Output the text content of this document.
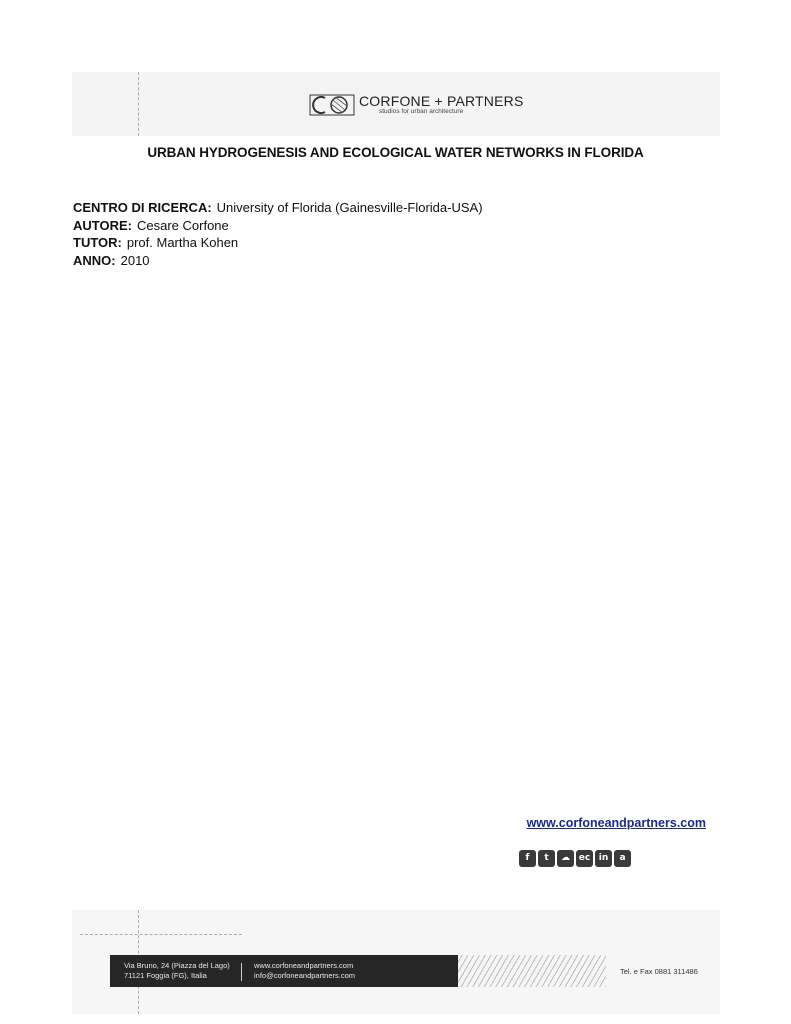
CORFONE + PARTNERS
studios for urban architecture
URBAN HYDROGENESIS AND ECOLOGICAL WATER NETWORKS IN FLORIDA
CENTRO DI RICERCA: University of Florida (Gainesville-Florida-USA)
AUTORE: Cesare Corfone
TUTOR: prof. Martha Kohen
ANNO: 2010
www.corfoneandpartners.com
f	t	☁ ec in	a
Via Bruno, 24 (Piazza del Lago)
71121 Foggia (FG), Italia
www.corfoneandpartners.com
info@corfoneandpartners.com	Tel. e Fax 0881 311486
